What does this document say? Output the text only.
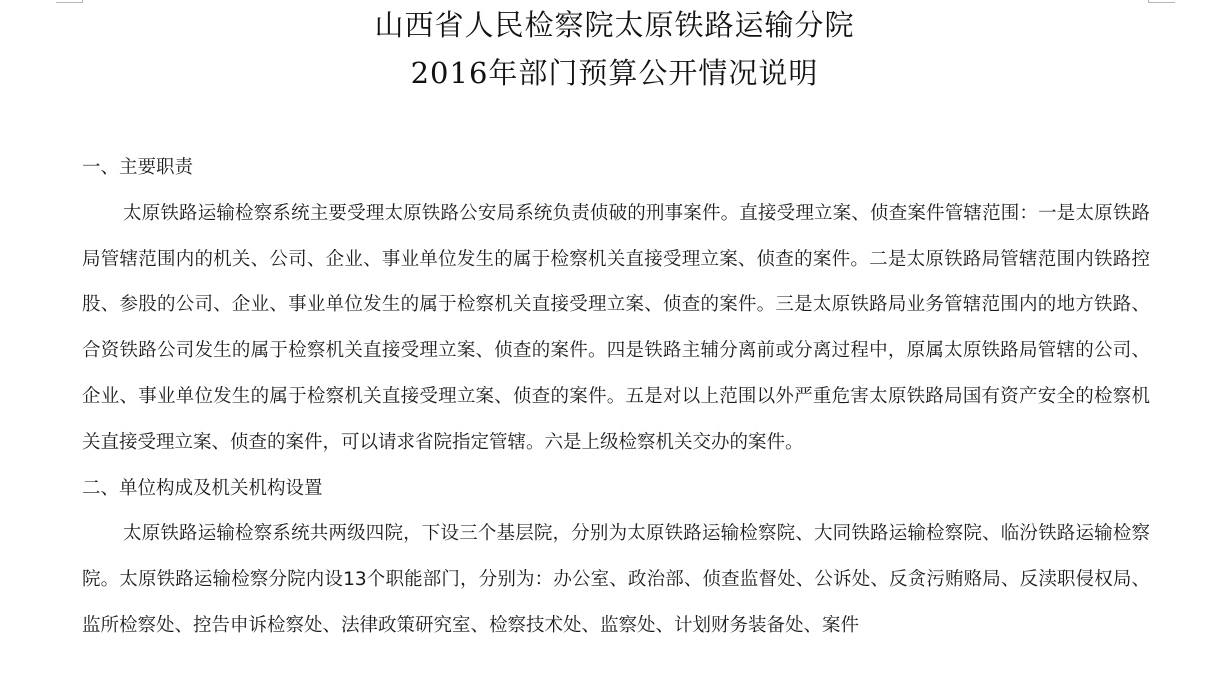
山西省人民检察院太原铁路运输分院
2016年部门预算公开情况说明
一、主要职责

太原铁路运输检察系统主要受理太原铁路公安局系统负责侦破的刑事案件。直接受理立案、侦查案件管辖范围：一是太原铁路局管辖范围内的机关、公司、企业、事业单位发生的属于检察机关直接受理立案、侦查的案件。二是太原铁路局管辖范围内铁路控股、参股的公司、企业、事业单位发生的属于检察机关直接受理立案、侦查的案件。三是太原铁路局业务管辖范围内的地方铁路、合资铁路公司发生的属于检察机关直接受理立案、侦查的案件。四是铁路主辅分离前或分离过程中，原属太原铁路局管辖的公司、企业、事业单位发生的属于检察机关直接受理立案、侦查的案件。五是对以上范围以外严重危害太原铁路局国有资产安全的检察机关直接受理立案、侦查的案件，可以请求省院指定管辖。六是上级检察机关交办的案件。

二、单位构成及机关机构设置

太原铁路运输检察系统共两级四院，下设三个基层院，分别为太原铁路运输检察院、大同铁路运输检察院、临汾铁路运输检察院。太原铁路运输检察分院内设13个职能部门，分别为：办公室、政治部、侦查监督处、公诉处、反贪污贿赂局、反渎职侵权局、监所检察处、控告申诉检察处、法律政策研究室、检察技术处、监察处、计划财务装备处、案件
